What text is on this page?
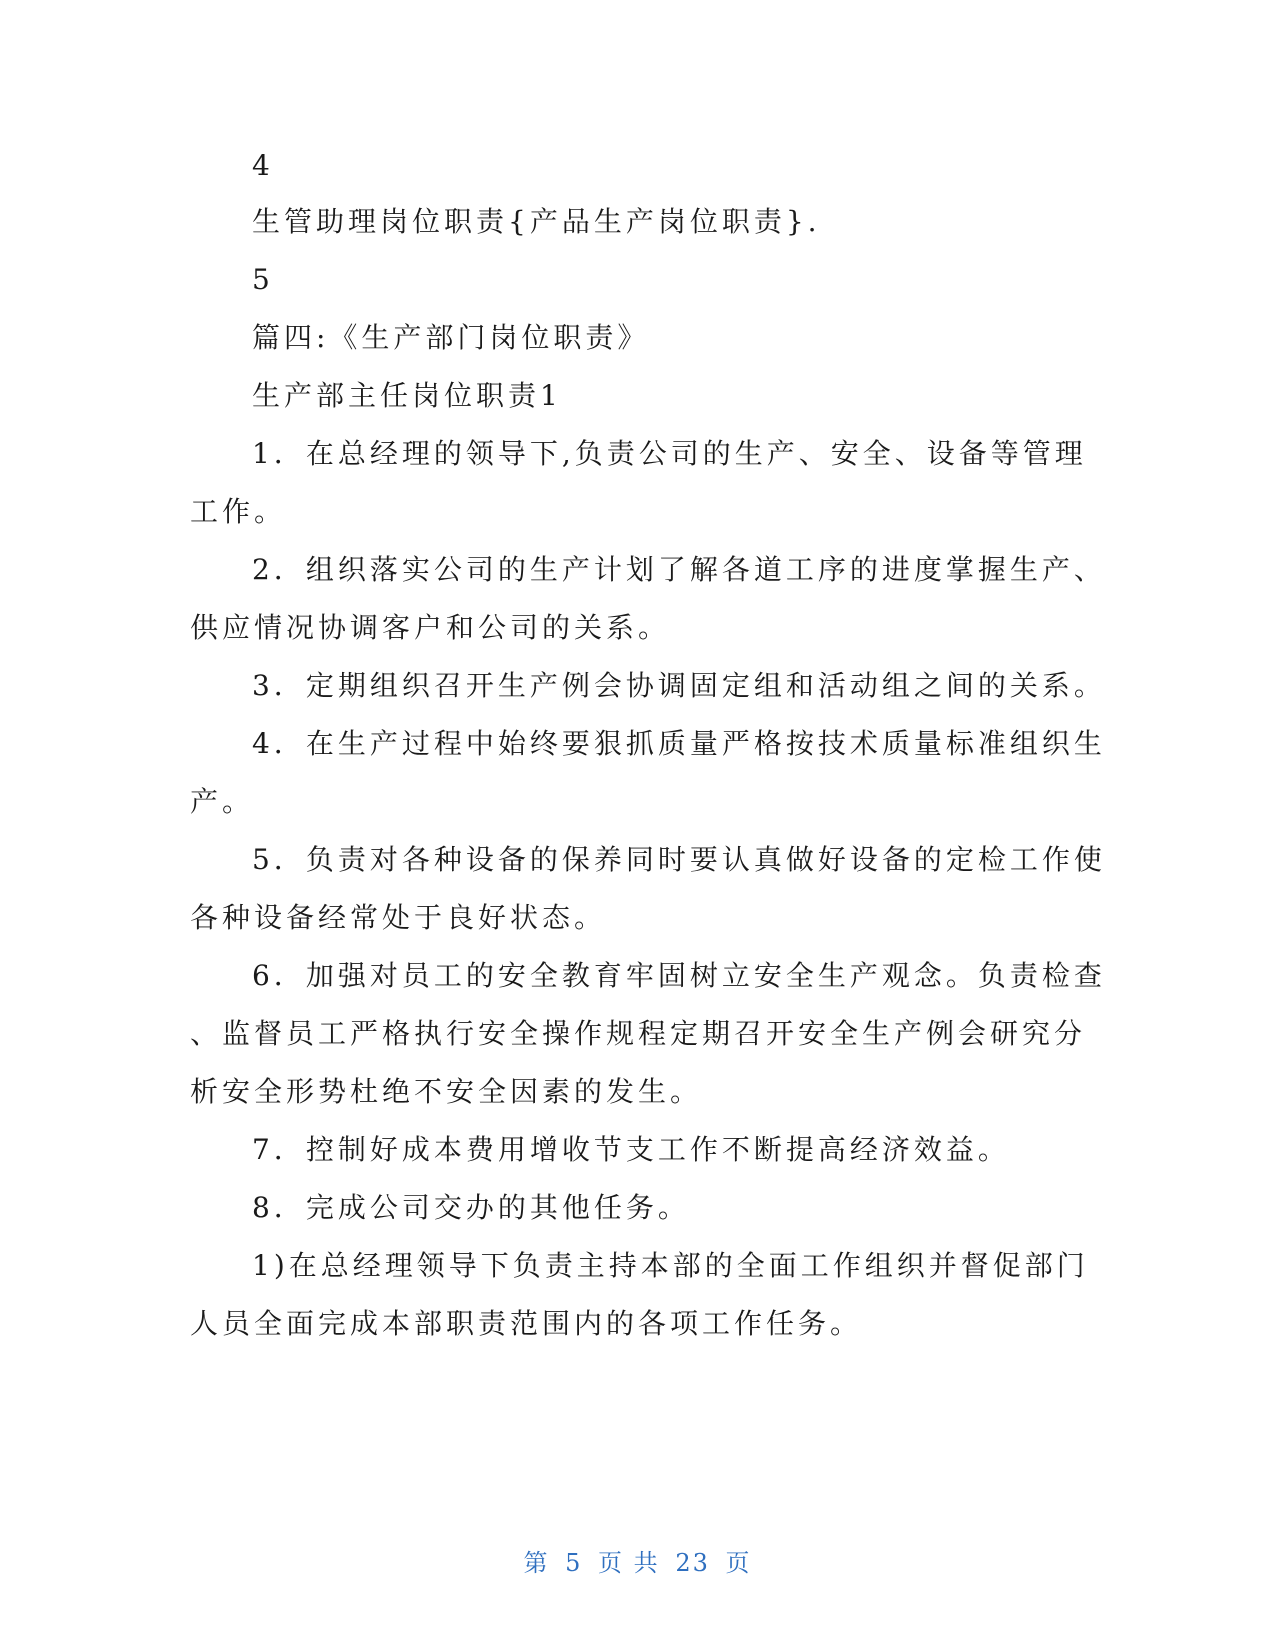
4
生管助理岗位职责{产品生产岗位职责}.
5
篇四:《生产部门岗位职责》
生产部主任岗位职责1
1．在总经理的领导下,负责公司的生产、安全、设备等管理
工作。
2．组织落实公司的生产计划了解各道工序的进度掌握生产、
供应情况协调客户和公司的关系。
3．定期组织召开生产例会协调固定组和活动组之间的关系。
4．在生产过程中始终要狠抓质量严格按技术质量标准组织生
产。
5．负责对各种设备的保养同时要认真做好设备的定检工作使
各种设备经常处于良好状态。
6．加强对员工的安全教育牢固树立安全生产观念。负责检查
、监督员工严格执行安全操作规程定期召开安全生产例会研究分
析安全形势杜绝不安全因素的发生。
7．控制好成本费用增收节支工作不断提高经济效益。
8．完成公司交办的其他任务。
1)在总经理领导下负责主持本部的全面工作组织并督促部门
人员全面完成本部职责范围内的各项工作任务。
第 5 页 共 23 页
